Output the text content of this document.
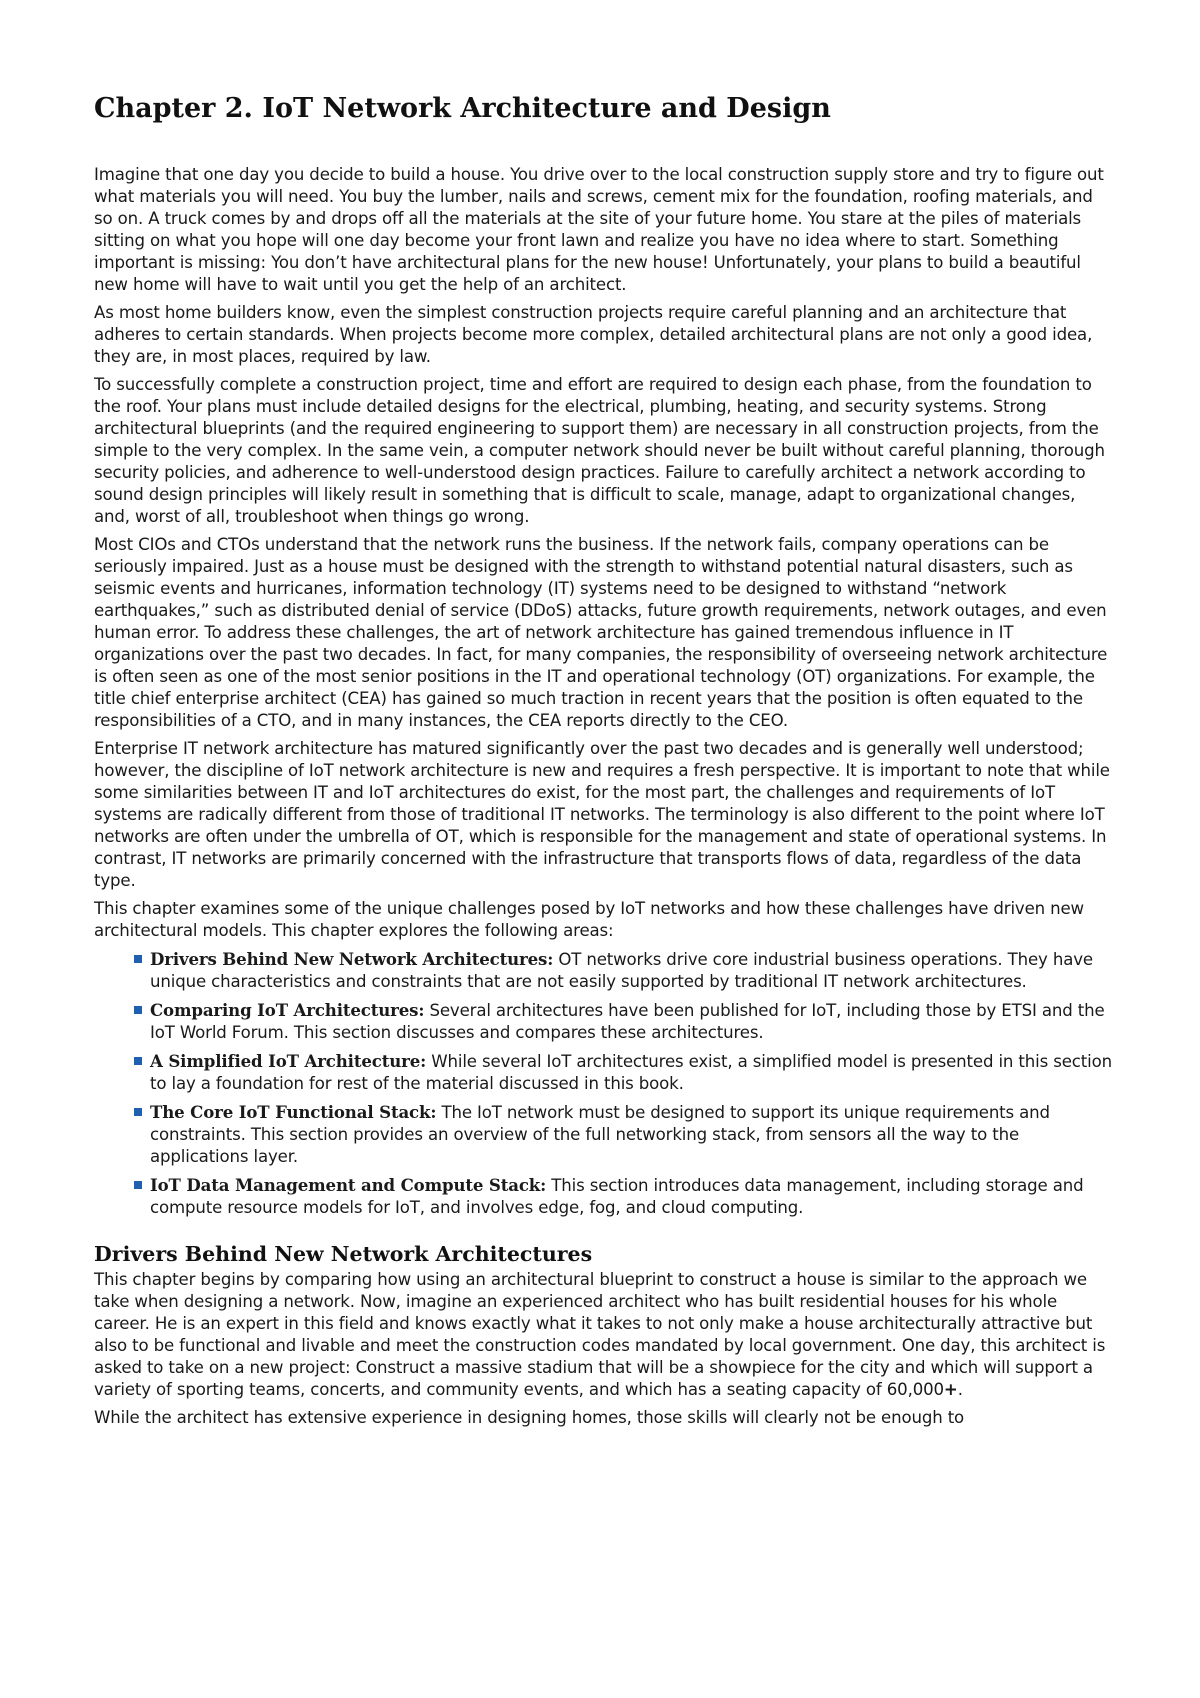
Chapter 2. IoT Network Architecture and Design

Imagine that one day you decide to build a house. You drive over to the local construction supply store and try to figure out what materials you will need. You buy the lumber, nails and screws, cement mix for the foundation, roofing materials, and so on. A truck comes by and drops off all the materials at the site of your future home. You stare at the piles of materials sitting on what you hope will one day become your front lawn and realize you have no idea where to start. Something important is missing: You don’t have architectural plans for the new house! Unfortunately, your plans to build a beautiful new home will have to wait until you get the help of an architect.

As most home builders know, even the simplest construction projects require careful planning and an architecture that adheres to certain standards. When projects become more complex, detailed architectural plans are not only a good idea, they are, in most places, required by law.

To successfully complete a construction project, time and effort are required to design each phase, from the foundation to the roof. Your plans must include detailed designs for the electrical, plumbing, heating, and security systems. Strong architectural blueprints (and the required engineering to support them) are necessary in all construction projects, from the simple to the very complex. In the same vein, a computer network should never be built without careful planning, thorough security policies, and adherence to well-understood design practices. Failure to carefully architect a network according to sound design principles will likely result in something that is difficult to scale, manage, adapt to organizational changes, and, worst of all, troubleshoot when things go wrong.

Most CIOs and CTOs understand that the network runs the business. If the network fails, company operations can be seriously impaired. Just as a house must be designed with the strength to withstand potential natural disasters, such as seismic events and hurricanes, information technology (IT) systems need to be designed to withstand “network earthquakes,” such as distributed denial of service (DDoS) attacks, future growth requirements, network outages, and even human error. To address these challenges, the art of network architecture has gained tremendous influence in IT organizations over the past two decades. In fact, for many companies, the responsibility of overseeing network architecture is often seen as one of the most senior positions in the IT and operational technology (OT) organizations. For example, the title chief enterprise architect (CEA) has gained so much traction in recent years that the position is often equated to the responsibilities of a CTO, and in many instances, the CEA reports directly to the CEO.

Enterprise IT network architecture has matured significantly over the past two decades and is generally well understood; however, the discipline of IoT network architecture is new and requires a fresh perspective. It is important to note that while some similarities between IT and IoT architectures do exist, for the most part, the challenges and requirements of IoT systems are radically different from those of traditional IT networks. The terminology is also different to the point where IoT networks are often under the umbrella of OT, which is responsible for the management and state of operational systems. In contrast, IT networks are primarily concerned with the infrastructure that transports flows of data, regardless of the data type.

This chapter examines some of the unique challenges posed by IoT networks and how these challenges have driven new architectural models. This chapter explores the following areas:

Drivers Behind New Network Architectures: OT networks drive core industrial business operations. They have unique characteristics and constraints that are not easily supported by traditional IT network architectures.
Comparing IoT Architectures: Several architectures have been published for IoT, including those by ETSI and the IoT World Forum. This section discusses and compares these architectures.
A Simplified IoT Architecture: While several IoT architectures exist, a simplified model is presented in this section to lay a foundation for rest of the material discussed in this book.
The Core IoT Functional Stack: The IoT network must be designed to support its unique requirements and constraints. This section provides an overview of the full networking stack, from sensors all the way to the applications layer.
IoT Data Management and Compute Stack: This section introduces data management, including storage and compute resource models for IoT, and involves edge, fog, and cloud computing.
Drivers Behind New Network Architectures

This chapter begins by comparing how using an architectural blueprint to construct a house is similar to the approach we take when designing a network. Now, imagine an experienced architect who has built residential houses for his whole career. He is an expert in this field and knows exactly what it takes to not only make a house architecturally attractive but also to be functional and livable and meet the construction codes mandated by local government. One day, this architect is asked to take on a new project: Construct a massive stadium that will be a showpiece for the city and which will support a variety of sporting teams, concerts, and community events, and which has a seating capacity of 60,000+.

While the architect has extensive experience in designing homes, those skills will clearly not be enough to
